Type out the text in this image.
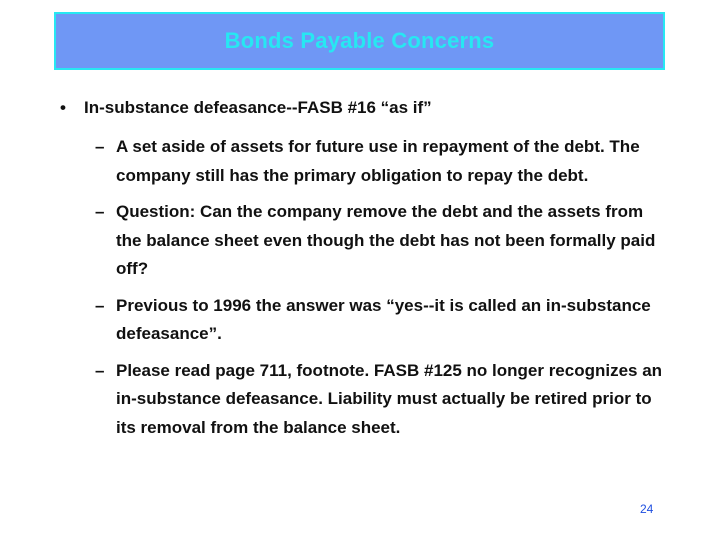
Bonds Payable Concerns
•	In-substance defeasance--FASB #16 “as if”
– A set aside of assets for future use in repayment of the debt. The company still has the primary obligation to repay the debt.
– Question: Can the company remove the debt and the assets from the balance sheet even though the debt has not been formally paid off?
– Previous to 1996 the answer was “yes--it is called an in-substance defeasance”.
– Please read page 711, footnote. FASB #125 no longer recognizes an in-substance defeasance. Liability must actually be retired prior to its removal from the balance sheet.
24
